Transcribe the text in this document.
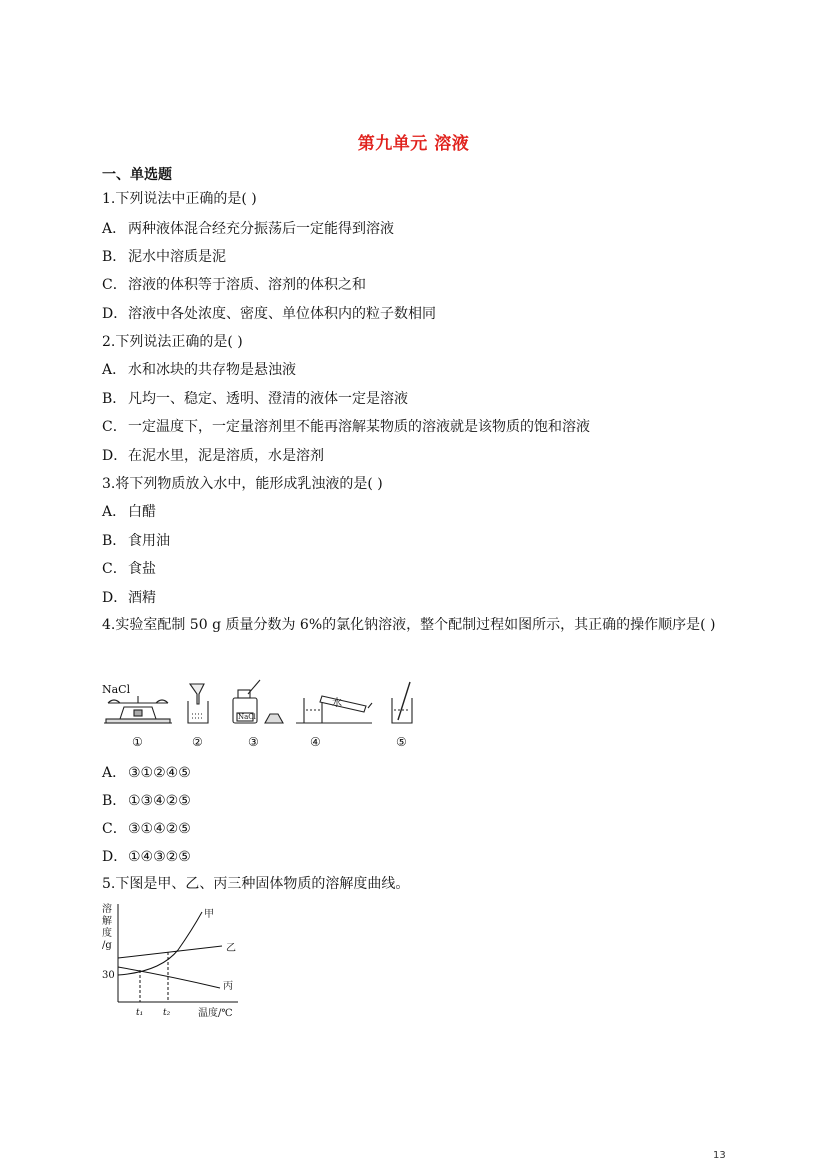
第九单元 溶液
一、单选题
1.下列说法中正确的是( )
A． 两种液体混合经充分振荡后一定能得到溶液
B． 泥水中溶质是泥
C．溶液的体积等于溶质、溶剂的体积之和
D．溶液中各处浓度、密度、单位体积内的粒子数相同
2.下列说法正确的是( )
A． 水和冰块的共存物是悬浊液
B． 凡均一、稳定、透明、澄清的液体一定是溶液
C．一定温度下，一定量溶剂里不能再溶解某物质的溶液就是该物质的饱和溶液
D．在泥水里，泥是溶质，水是溶剂
3.将下列物质放入水中，能形成乳浊液的是( )
A． 白醋
B． 食用油
C．食盐
D．酒精
4.实验室配制 50 g 质量分数为 6%的氯化钠溶液，整个配制过程如图所示，其正确的操作顺序是( )
NaCl
NaCl
水
①	②	③	④	⑤
A． ③①②④⑤
B． ①③④②⑤
C．③①④②⑤
D．①④③②⑤
5.下图是甲、乙、丙三种固体物质的溶解度曲线。
溶
解
度
/g
30
t₁ t₂	温度/℃
甲
乙
丙
13
